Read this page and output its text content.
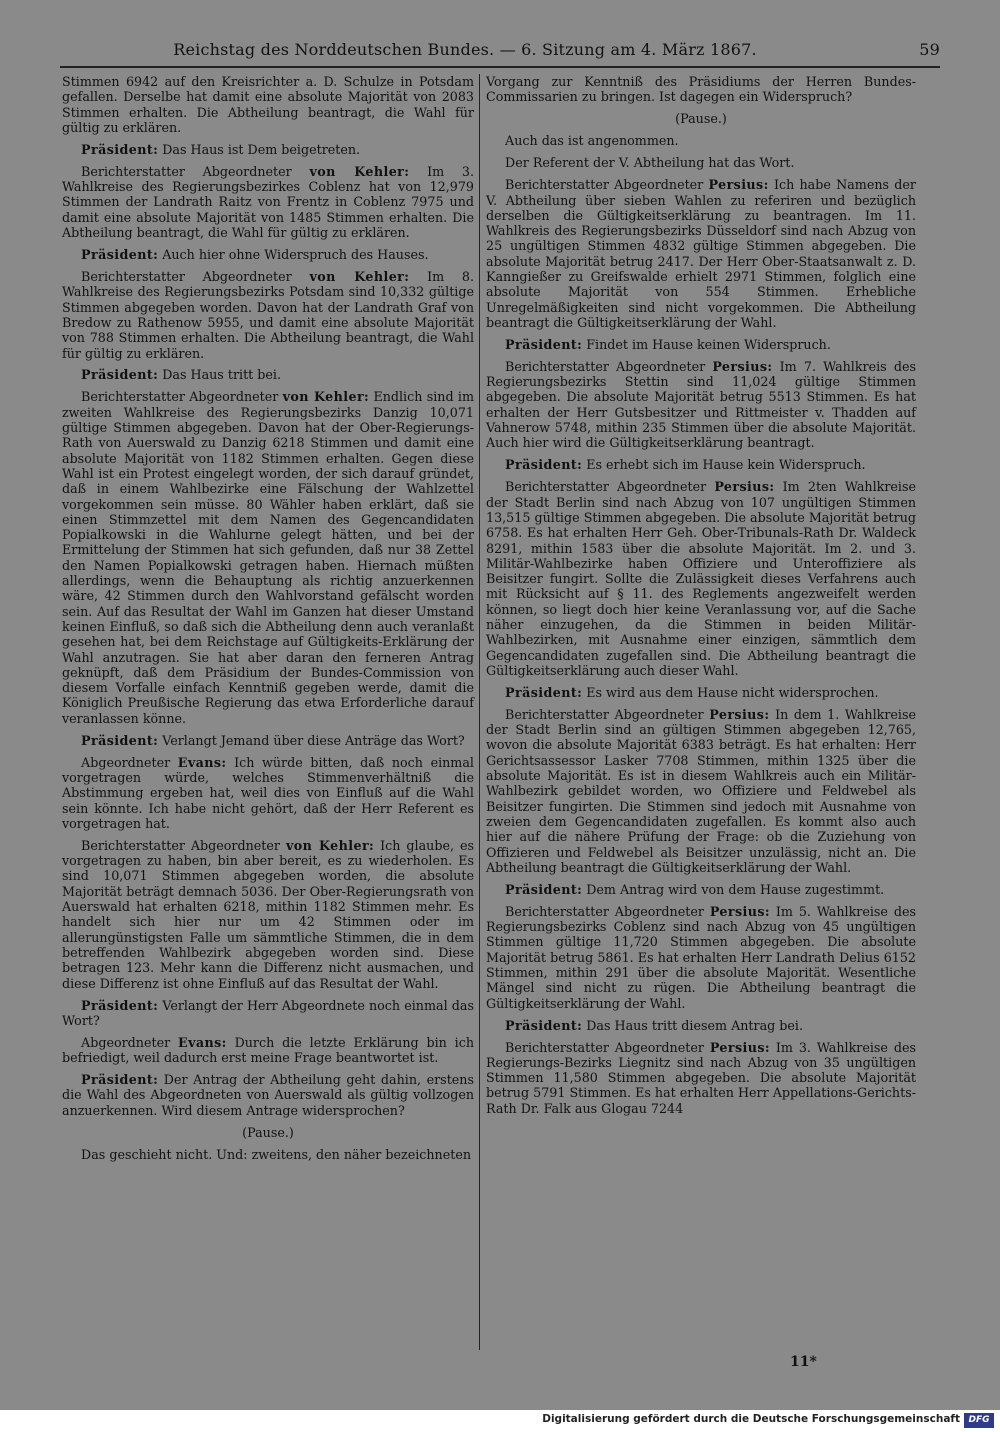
Reichstag des Norddeutschen Bundes. — 6. Sitzung am 4. März 1867.	59

Stimmen 6942 auf den Kreisrichter a. D. Schulze in Potsdam gefallen. Derselbe hat damit eine absolute Majorität von 2083 Stimmen erhalten. Die Abtheilung beantragt, die Wahl für gültig zu erklären.

Präsident: Das Haus ist Dem beigetreten.

Berichterstatter Abgeordneter von Kehler: Im 3. Wahlkreise des Regierungsbezirkes Coblenz hat von 12,979 Stimmen der Landrath Raitz von Frentz in Coblenz 7975 und damit eine absolute Majorität von 1485 Stimmen erhalten. Die Abtheilung beantragt, die Wahl für gültig zu erklären.

Präsident: Auch hier ohne Widerspruch des Hauses.

Berichterstatter Abgeordneter von Kehler: Im 8. Wahlkreise des Regierungsbezirks Potsdam sind 10,332 gültige Stimmen abgegeben worden. Davon hat der Landrath Graf von Bredow zu Rathenow 5955, und damit eine absolute Majorität von 788 Stimmen erhalten. Die Abtheilung beantragt, die Wahl für gültig zu erklären.

Präsident: Das Haus tritt bei.

Berichterstatter Abgeordneter von Kehler: Endlich sind im zweiten Wahlkreise des Regierungsbezirks Danzig 10,071 gültige Stimmen abgegeben. Davon hat der Ober-Regierungs-Rath von Auerswald zu Danzig 6218 Stimmen und damit eine absolute Majorität von 1182 Stimmen erhalten. Gegen diese Wahl ist ein Protest eingelegt worden, der sich darauf gründet, daß in einem Wahlbezirke eine Fälschung der Wahlzettel vorgekommen sein müsse. 80 Wähler haben erklärt, daß sie einen Stimmzettel mit dem Namen des Gegencandidaten Popialkowski in die Wahlurne gelegt hätten, und bei der Ermittelung der Stimmen hat sich gefunden, daß nur 38 Zettel den Namen Popialkowski getragen haben. Hiernach müßten allerdings, wenn die Behauptung als richtig anzuerkennen wäre, 42 Stimmen durch den Wahlvorstand gefälscht worden sein. Auf das Resultat der Wahl im Ganzen hat dieser Umstand keinen Einfluß, so daß sich die Abtheilung denn auch veranlaßt gesehen hat, bei dem Reichstage auf Gültigkeits-Erklärung der Wahl anzutragen. Sie hat aber daran den ferneren Antrag geknüpft, daß dem Präsidium der Bundes-Commission von diesem Vorfalle einfach Kenntniß gegeben werde, damit die Königlich Preußische Regierung das etwa Erforderliche darauf veranlassen könne.

Präsident: Verlangt Jemand über diese Anträge das Wort?

Abgeordneter Evans: Ich würde bitten, daß noch einmal vorgetragen würde, welches Stimmenverhältniß die Abstimmung ergeben hat, weil dies von Einfluß auf die Wahl sein könnte. Ich habe nicht gehört, daß der Herr Referent es vorgetragen hat.

Berichterstatter Abgeordneter von Kehler: Ich glaube, es vorgetragen zu haben, bin aber bereit, es zu wiederholen. Es sind 10,071 Stimmen abgegeben worden, die absolute Majorität beträgt demnach 5036. Der Ober-Regierungsrath von Auerswald hat erhalten 6218, mithin 1182 Stimmen mehr. Es handelt sich hier nur um 42 Stimmen oder im allerungünstigsten Falle um sämmtliche Stimmen, die in dem betreffenden Wahlbezirk abgegeben worden sind. Diese betragen 123. Mehr kann die Differenz nicht ausmachen, und diese Differenz ist ohne Einfluß auf das Resultat der Wahl.

Präsident: Verlangt der Herr Abgeordnete noch einmal das Wort?

Abgeordneter Evans: Durch die letzte Erklärung bin ich befriedigt, weil dadurch erst meine Frage beantwortet ist.

Präsident: Der Antrag der Abtheilung geht dahin, erstens die Wahl des Abgeordneten von Auerswald als gültig vollzogen anzuerkennen. Wird diesem Antrage widersprochen?

(Pause.)

Das geschieht nicht. Und: zweitens, den näher bezeichneten

Vorgang zur Kenntniß des Präsidiums der Herren Bundes-Commissarien zu bringen. Ist dagegen ein Widerspruch?

(Pause.)

Auch das ist angenommen.

Der Referent der V. Abtheilung hat das Wort.

Berichterstatter Abgeordneter Persius: Ich habe Namens der V. Abtheilung über sieben Wahlen zu referiren und bezüglich derselben die Gültigkeitserklärung zu beantragen. Im 11. Wahlkreis des Regierungsbezirks Düsseldorf sind nach Abzug von 25 ungültigen Stimmen 4832 gültige Stimmen abgegeben. Die absolute Majorität betrug 2417. Der Herr Ober-Staatsanwalt z. D. Kanngießer zu Greifswalde erhielt 2971 Stimmen, folglich eine absolute Majorität von 554 Stimmen. Erhebliche Unregelmäßigkeiten sind nicht vorgekommen. Die Abtheilung beantragt die Gültigkeitserklärung der Wahl.

Präsident: Findet im Hause keinen Widerspruch.

Berichterstatter Abgeordneter Persius: Im 7. Wahlkreis des Regierungsbezirks Stettin sind 11,024 gültige Stimmen abgegeben. Die absolute Majorität betrug 5513 Stimmen. Es hat erhalten der Herr Gutsbesitzer und Rittmeister v. Thadden auf Vahnerow 5748, mithin 235 Stimmen über die absolute Majorität. Auch hier wird die Gültigkeitserklärung beantragt.

Präsident: Es erhebt sich im Hause kein Widerspruch.

Berichterstatter Abgeordneter Persius: Im 2ten Wahlkreise der Stadt Berlin sind nach Abzug von 107 ungültigen Stimmen 13,515 gültige Stimmen abgegeben. Die absolute Majorität betrug 6758. Es hat erhalten Herr Geh. Ober-Tribunals-Rath Dr. Waldeck 8291, mithin 1583 über die absolute Majorität. Im 2. und 3. Militär-Wahlbezirke haben Offiziere und Unteroffiziere als Beisitzer fungirt. Sollte die Zulässigkeit dieses Verfahrens auch mit Rücksicht auf § 11. des Reglements angezweifelt werden können, so liegt doch hier keine Veranlassung vor, auf die Sache näher einzugehen, da die Stimmen in beiden Militär-Wahlbezirken, mit Ausnahme einer einzigen, sämmtlich dem Gegencandidaten zugefallen sind. Die Abtheilung beantragt die Gültigkeitserklärung auch dieser Wahl.

Präsident: Es wird aus dem Hause nicht widersprochen.

Berichterstatter Abgeordneter Persius: In dem 1. Wahlkreise der Stadt Berlin sind an gültigen Stimmen abgegeben 12,765, wovon die absolute Majorität 6383 beträgt. Es hat erhalten: Herr Gerichtsassessor Lasker 7708 Stimmen, mithin 1325 über die absolute Majorität. Es ist in diesem Wahlkreis auch ein Militär-Wahlbezirk gebildet worden, wo Offiziere und Feldwebel als Beisitzer fungirten. Die Stimmen sind jedoch mit Ausnahme von zweien dem Gegencandidaten zugefallen. Es kommt also auch hier auf die nähere Prüfung der Frage: ob die Zuziehung von Offizieren und Feldwebel als Beisitzer unzulässig, nicht an. Die Abtheilung beantragt die Gültigkeitserklärung der Wahl.

Präsident: Dem Antrag wird von dem Hause zugestimmt.

Berichterstatter Abgeordneter Persius: Im 5. Wahlkreise des Regierungsbezirks Coblenz sind nach Abzug von 45 ungültigen Stimmen gültige 11,720 Stimmen abgegeben. Die absolute Majorität betrug 5861. Es hat erhalten Herr Landrath Delius 6152 Stimmen, mithin 291 über die absolute Majorität. Wesentliche Mängel sind nicht zu rügen. Die Abtheilung beantragt die Gültigkeitserklärung der Wahl.

Präsident: Das Haus tritt diesem Antrag bei.

Berichterstatter Abgeordneter Persius: Im 3. Wahlkreise des Regierungs-Bezirks Liegnitz sind nach Abzug von 35 ungültigen Stimmen 11,580 Stimmen abgegeben. Die absolute Majorität betrug 5791 Stimmen. Es hat erhalten Herr Appellations-Gerichts-Rath Dr. Falk aus Glogau 7244

11*
Digitalisierung gefördert durch die Deutsche Forschungsgemeinschaft DFG
